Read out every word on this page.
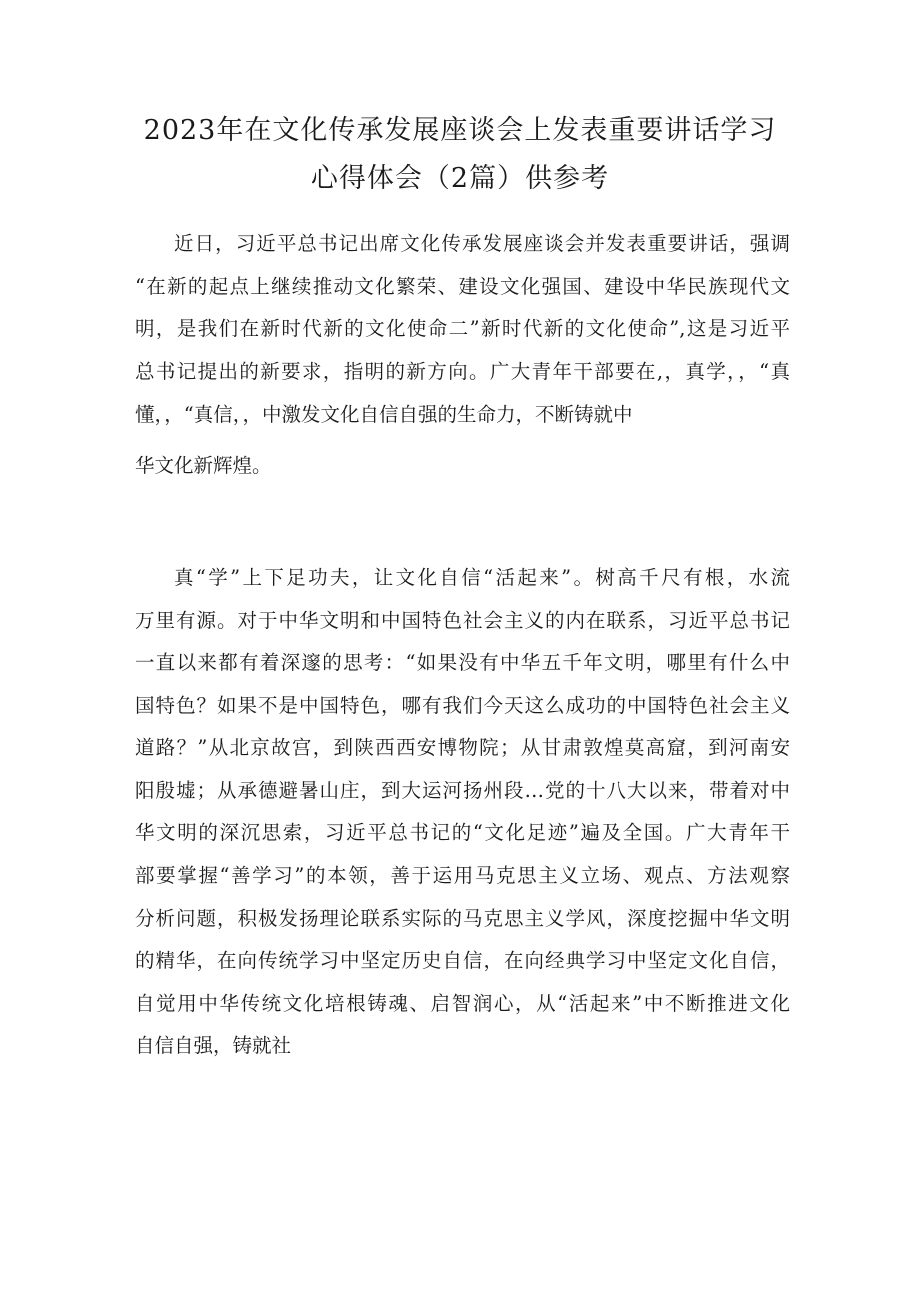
2023年在文化传承发展座谈会上发表重要讲话学习
心得体会（2篇）供参考

近日，习近平总书记出席文化传承发展座谈会并发表重要讲话，强调

“在新的起点上继续推动文化繁荣、建设文化强国、建设中华民族现代文

明，是我们在新时代新的文化使命二”新时代新的文化使命”,这是习近平

总书记提出的新要求，指明的新方向。广大青年干部要在,，真学，，“真

懂，，“真信，，中激发文化自信自强的生命力，不断铸就中

华文化新辉煌。

真“学”上下足功夫，让文化自信“活起来”。树高千尺有根，水流

万里有源。对于中华文明和中国特色社会主义的内在联系，习近平总书记

一直以来都有着深邃的思考：“如果没有中华五千年文明，哪里有什么中

国特色？如果不是中国特色，哪有我们今天这么成功的中国特色社会主义

道路？”从北京故宫，到陕西西安博物院；从甘肃敦煌莫高窟，到河南安

阳殷墟；从承德避暑山庄，到大运河扬州段…党的十八大以来，带着对中

华文明的深沉思索，习近平总书记的“文化足迹”遍及全国。广大青年干

部要掌握“善学习”的本领，善于运用马克思主义立场、观点、方法观察

分析问题，积极发扬理论联系实际的马克思主义学风，深度挖掘中华文明

的精华，在向传统学习中坚定历史自信，在向经典学习中坚定文化自信，

自觉用中华传统文化培根铸魂、启智润心，从“活起来”中不断推进文化

自信自强，铸就社
